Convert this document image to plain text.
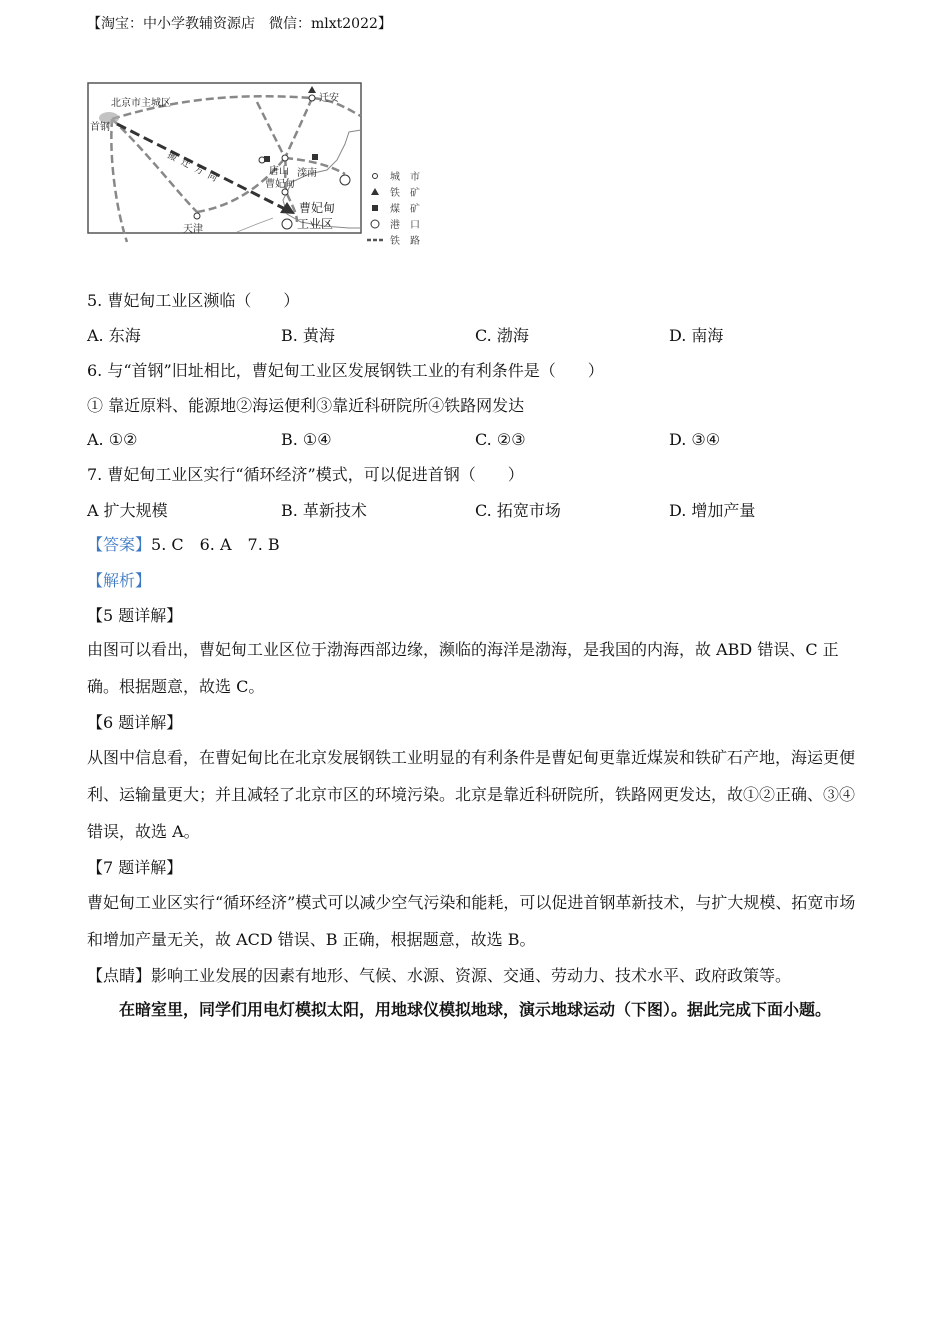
【淘宝：中小学教辅资源店　微信：mlxt2022】
北京市主城区
首钢
迁安
唐山 滦南
曹妃甸
曹妃甸
工业区
天津
搬迁方向	城　市
铁　矿
煤　矿
港　口
铁　路
5. 曹妃甸工业区濒临（　　）
A. 东海	B. 黄海	C. 渤海	D. 南海
6. 与“首钢”旧址相比，曹妃甸工业区发展钢铁工业的有利条件是（　　）
① 靠近原料、能源地②海运便利③靠近科研院所④铁路网发达
A. ①②	B. ①④	C. ②③	D. ③④
7. 曹妃甸工业区实行“循环经济”模式，可以促进首钢（　　）
A 扩大规模	B. 革新技术	C. 拓宽市场	D. 增加产量
【答案】5. C　6. A　7. B
【解析】
【5 题详解】
由图可以看出，曹妃甸工业区位于渤海西部边缘，濒临的海洋是渤海，是我国的内海，故 ABD 错误、C 正确。根据题意，故选 C。
【6 题详解】
从图中信息看，在曹妃甸比在北京发展钢铁工业明显的有利条件是曹妃甸更靠近煤炭和铁矿石产地，海运更便利、运输量更大；并且减轻了北京市区的环境污染。北京是靠近科研院所，铁路网更发达，故①②正确、③④错误，故选 A。
【7 题详解】
曹妃甸工业区实行“循环经济”模式可以减少空气污染和能耗，可以促进首钢革新技术，与扩大规模、拓宽市场和增加产量无关，故 ACD 错误、B 正确，根据题意，故选 B。
【点睛】影响工业发展的因素有地形、气候、水源、资源、交通、劳动力、技术水平、政府政策等。
在暗室里，同学们用电灯模拟太阳，用地球仪模拟地球，演示地球运动（下图）。据此完成下面小题。
